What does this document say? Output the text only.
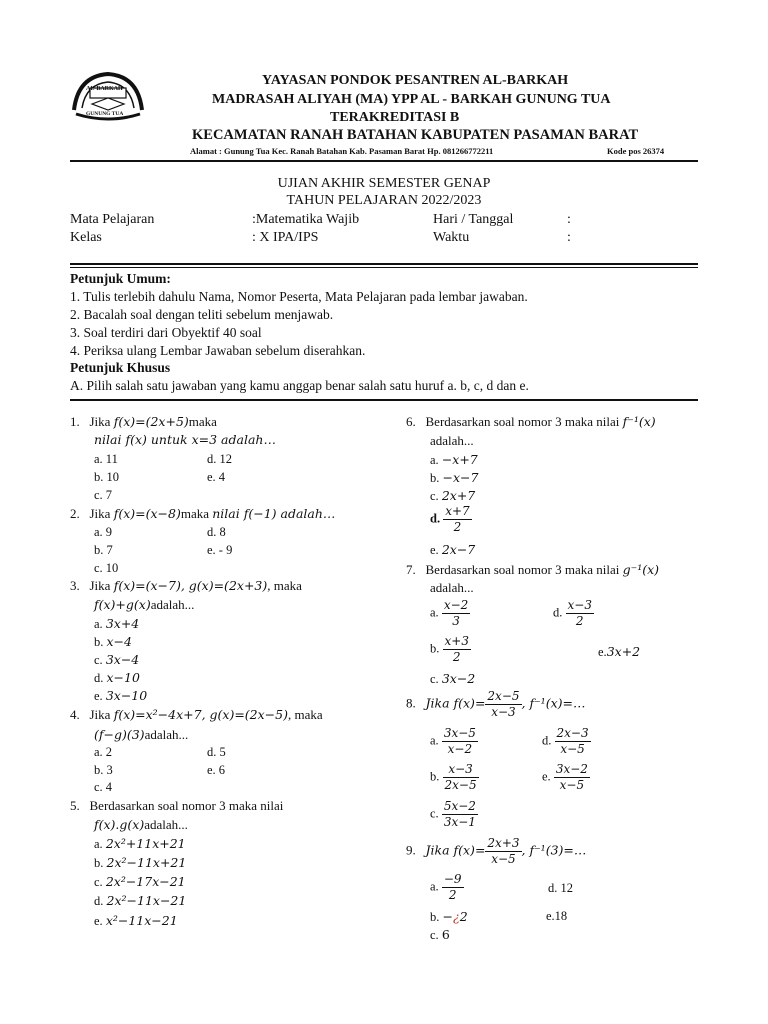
AL-BARKAH
GUNUNG TUA
YAYASAN PONDOK PESANTREN AL-BARKAH
MADRASAH ALIYAH (MA) YPP AL - BARKAH GUNUNG TUA
TERAKREDITASI B
KECAMATAN RANAH BATAHAN KABUPATEN PASAMAN BARAT
Alamat : Gunung Tua Kec. Ranah Batahan Kab. Pasaman Barat Hp. 081266772211	Kode pos 26374
UJIAN AKHIR SEMESTER GENAP
TAHUN PELAJARAN 2022/2023
Mata Pelajaran	:Matematika Wajib	Hari / Tanggal	:
Kelas	: X IPA/IPS	Waktu	:
Petunjuk Umum:
1. Tulis terlebih dahulu Nama, Nomor Peserta, Mata Pelajaran pada lembar jawaban.
2. Bacalah soal dengan teliti sebelum menjawab.
3. Soal terdiri dari Obyektif 40 soal
4. Periksa ulang Lembar Jawaban sebelum diserahkan.
Petunjuk Khusus
A. Pilih salah satu jawaban yang kamu anggap benar salah satu huruf a. b, c, d dan e.
1. Jika f(x)=(2x+5)maka
nilai f(x) untuk x=3 adalah…
a. 11	d. 12
b. 10	e. 4
c. 7
2. Jika f(x)=(x−8)maka nilai f(−1) adalah…
a. 9	d. 8
b. 7	e. - 9
c. 10
3. Jika f(x)=(x−7), g(x)=(2x+3), maka
f(x)+g(x)adalah...
a. 3x+4
b. x−4
c. 3x−4
d. x−10
e. 3x−10
4. Jika f(x)=x²−4x+7, g(x)=(2x−5), maka
(f−g)(3)adalah...
a. 2	d. 5
b. 3	e. 6
c. 4
5. Berdasarkan soal nomor 3 maka nilai
f(x).g(x)adalah...
a. 2x²+11x+21
b. 2x²−11x+21
c. 2x²−17x−21
d. 2x²−11x−21
e. x²−11x−21
6. Berdasarkan soal nomor 3 maka nilai f⁻¹(x)
adalah...
a. −x+7
b. −x−7
c. 2x+7
d. $\frac{x+7}{2}$
e. 2x−7
7. Berdasarkan soal nomor 3 maka nilai g⁻¹(x)
adalah...
a. $\frac{x-2}{3}$	d. $\frac{x-3}{2}$
b. $\frac{x+3}{2}$	e.3x+2
c. 3x−2
8. Jika $f(x)= \frac{2x-5}{x-3}$ , f⁻¹(x)=…
a. $\frac{3x-5}{x-2}$	d. $\frac{2x-3}{x-5}$
b. $\frac{x-3}{2x-5}$	e. $\frac{3x-2}{x-5}$
c. $\frac{5x-2}{3x-1}$
9. Jika $f(x)= \frac{2x+3}{x-5}$ , f⁻¹(3)=…
a. $\frac{-9}{2}$	d. 12
b. −¿2	e.18
c. 6
